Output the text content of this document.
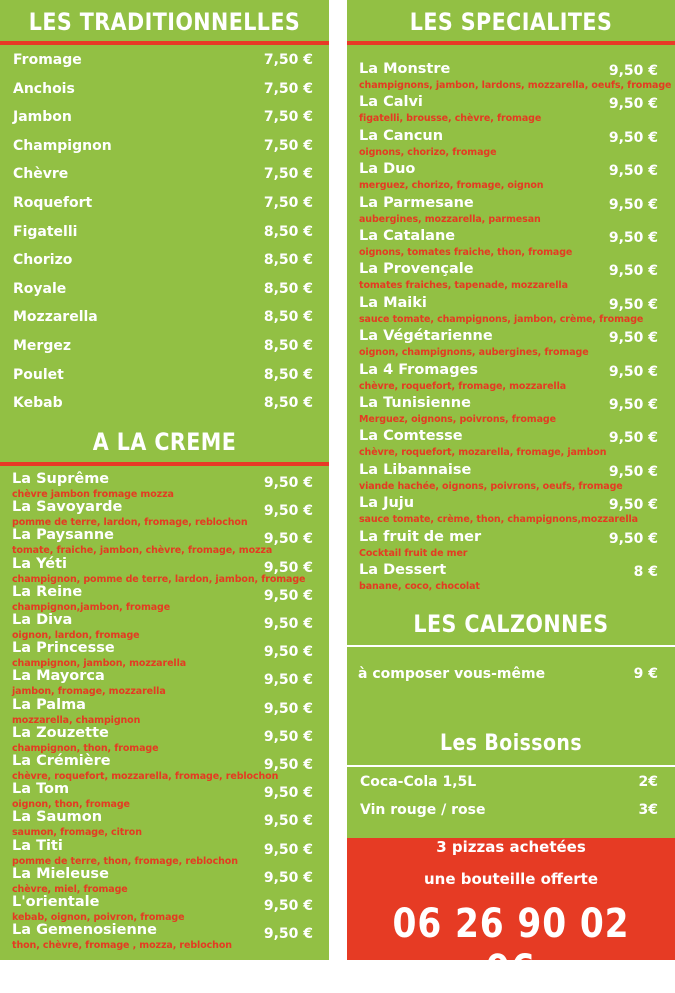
LES TRADITIONNELLES
Fromage	7,50 €
Anchois	7,50 €
Jambon	7,50 €
Champignon	7,50 €
Chèvre	7,50 €
Roquefort	7,50 €
Figatelli	8,50 €
Chorizo	8,50 €
Royale	8,50 €
Mozzarella	8,50 €
Mergez	8,50 €
Poulet	8,50 €
Kebab	8,50 €
A LA CREME
La Suprême	9,50 €
chèvre jambon fromage mozza
La Savoyarde	9,50 €
pomme de terre, lardon, fromage, reblochon
La Paysanne	9,50 €
tomate, fraiche, jambon, chèvre, fromage, mozza
La Yéti	9,50 €
champignon, pomme de terre, lardon, jambon, fromage
La Reine	9,50 €
champignon,jambon, fromage
La Diva	9,50 €
oignon, lardon, fromage
La Princesse	9,50 €
champignon, jambon, mozzarella
La Mayorca	9,50 €
jambon, fromage, mozzarella
La Palma	9,50 €
mozzarella, champignon
La Zouzette	9,50 €
champignon, thon, fromage
La Crémière	9,50 €
chèvre, roquefort, mozzarella, fromage, reblochon
La Tom	9,50 €
oignon, thon, fromage
La Saumon	9,50 €
saumon, fromage, citron
La Titi	9,50 €
pomme de terre, thon, fromage, reblochon
La Mieleuse	9,50 €
chèvre, miel, fromage
L'orientale	9,50 €
kebab, oignon, poivron, fromage
La Gemenosienne	9,50 €
thon, chèvre, fromage , mozza, reblochon
LES SPECIALITES
La Monstre	9,50 €
champignons, jambon, lardons, mozzarella, oeufs, fromage
La Calvi	9,50 €
figatelli, brousse, chèvre, fromage
La Cancun	9,50 €
oignons, chorizo, fromage
La Duo	9,50 €
merguez, chorizo, fromage, oignon
La Parmesane	9,50 €
aubergines, mozzarella, parmesan
La Catalane	9,50 €
oignons, tomates fraiche, thon, fromage
La Provençale	9,50 €
tomates fraiches, tapenade, mozzarella
La Maiki	9,50 €
sauce tomate, champignons, jambon, crème, fromage
La Végétarienne	9,50 €
oignon, champignons, aubergines, fromage
La 4 Fromages	9,50 €
chèvre, roquefort, fromage, mozzarella
La Tunisienne	9,50 €
Merguez, oignons, poivrons, fromage
La Comtesse	9,50 €
chèvre, roquefort, mozarella, fromage, jambon
La Libannaise	9,50 €
viande hachée, oignons, poivrons, oeufs, fromage
La Juju	9,50 €
sauce tomate, crème, thon, champignons,mozzarella
La fruit de mer	9,50 €
Cocktail fruit de mer
La Dessert	8 €
banane, coco, chocolat
LES CALZONNES
à composer vous-même	9 €
Les Boissons
Coca-Cola 1,5L	2€
Vin rouge / rose	3€
3 pizzas achetées
une bouteille offerte
06 26 90 02 96
